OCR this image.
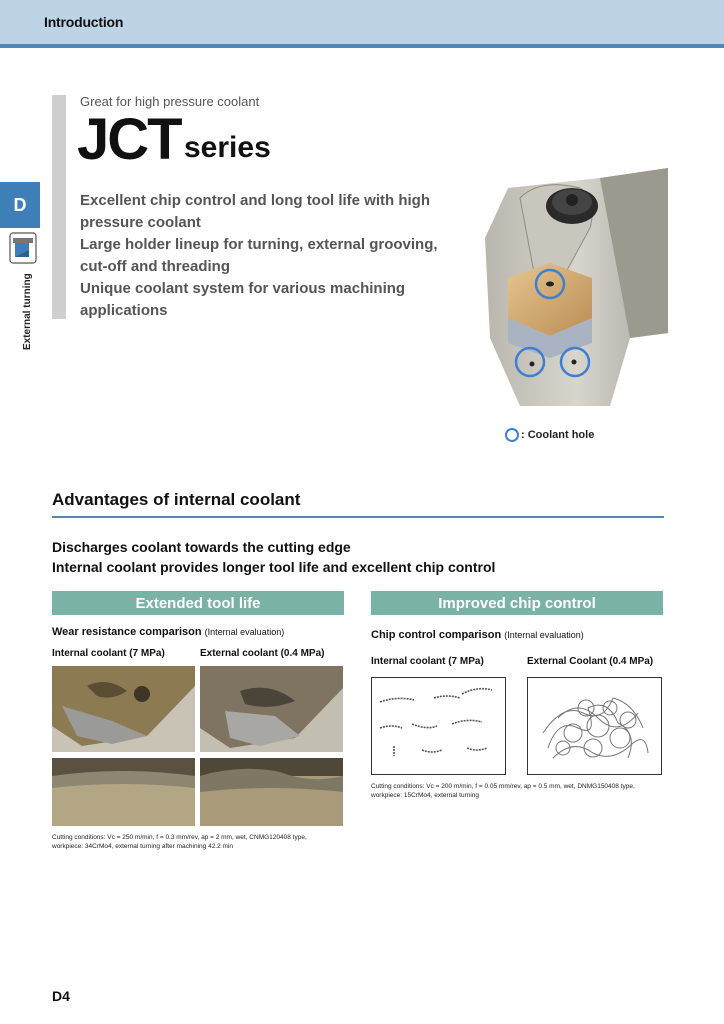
Introduction
D
External turning
Great for high pressure coolant
JCT series
Excellent chip control and long tool life with high
pressure coolant
Large holder lineup for turning, external grooving,
cut-off and threading
Unique coolant system for various machining
applications
: Coolant hole
Advantages of internal coolant
Discharges coolant towards the cutting edge
Internal coolant provides longer tool life and excellent chip control
Extended tool life	Improved chip control
Wear resistance comparison (Internal evaluation)
Internal coolant (7 MPa)	External coolant (0.4 MPa)
Cutting conditions: Vc = 250 m/min, f = 0.3 mm/rev, ap = 2 mm, wet, CNMG120408 type,
workpiece: 34CrMo4, external turning after machining 42.2 min
Chip control comparison (Internal evaluation)
Internal coolant (7 MPa)	External Coolant (0.4 MPa)
Cutting conditions: Vc = 200 m/min, f = 0.05 mm/rev, ap = 0.5 mm, wet, DNMG150408 type,
workpiece: 15CrMo4, external turning
D4
